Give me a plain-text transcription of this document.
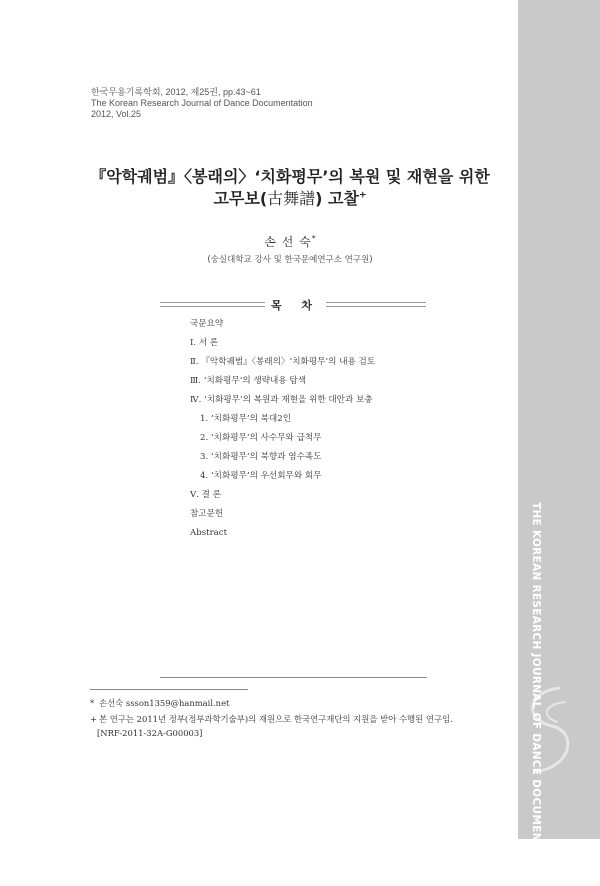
THE KOREAN RESEARCH JOURNAL OF DANCE DOCUMENTATION
한국무용기록학회, 2012, 제25권, pp.43~61
The Korean Research Journal of Dance Documentation
2012, Vol.25
『악학궤범』〈봉래의〉‘치화평무’의 복원 및 재현을 위한
고무보(古舞譜) 고찰+
손 선 숙*
(숭실대학교 강사 및 한국문예연구소 연구원)
목 차
국문요약
Ⅰ. 서 론
Ⅱ. 『악학궤범』〈봉래의〉‘치화평무’의 내용 검토
Ⅲ. ‘치화평무’의 생략내용 탐색
Ⅳ. ‘치화평무’의 복원과 재현을 위한 대안과 보충
1. ‘치화평무’의 북대2인
2. ‘치화평무’의 사수무와 급척무
3. ‘치화평무’의 북향과 염수족도
4. ‘치화평무’의 우선회무와 회무
Ⅴ. 결 론
참고문헌
Abstract
* 손선숙 ssson1359@hanmail.net
+ 본 연구는 2011년 정부(정부과학기술부)의 재원으로 한국연구재단의 지원을 받아 수행된 연구임.
[NRF-2011-32A-G00003]
